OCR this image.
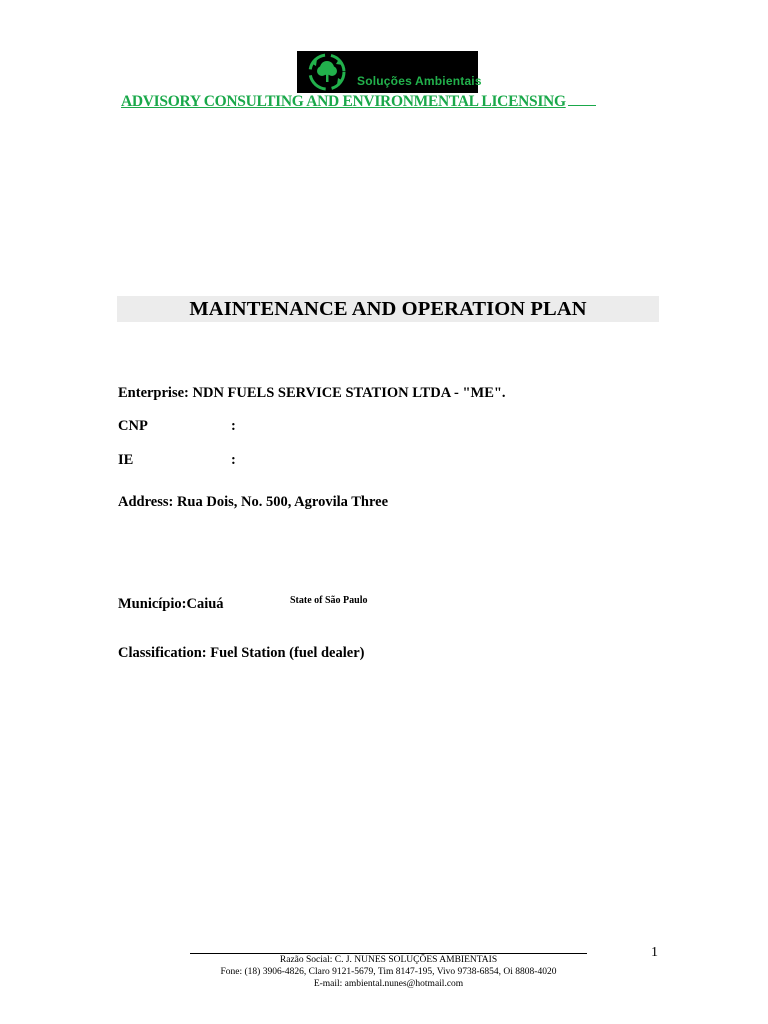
Soluções Ambientais
ADVISORY CONSULTING AND ENVIRONMENTAL LICENSING
MAINTENANCE AND OPERATION PLAN
Enterprise: NDN FUELS SERVICE STATION LTDA - "ME".
CNP	:
IE	:
Address: Rua Dois, No. 500, Agrovila Three
Município:Caiuá	State of São Paulo
Classification: Fuel Station (fuel dealer)
Razão Social: C. J. NUNES SOLUÇÕES AMBIENTAIS
Fone: (18) 3906-4826, Claro 9121-5679, Tim 8147-195, Vivo 9738-6854, Oi 8808-4020
E-mail: ambiental.nunes@hotmail.com
1
